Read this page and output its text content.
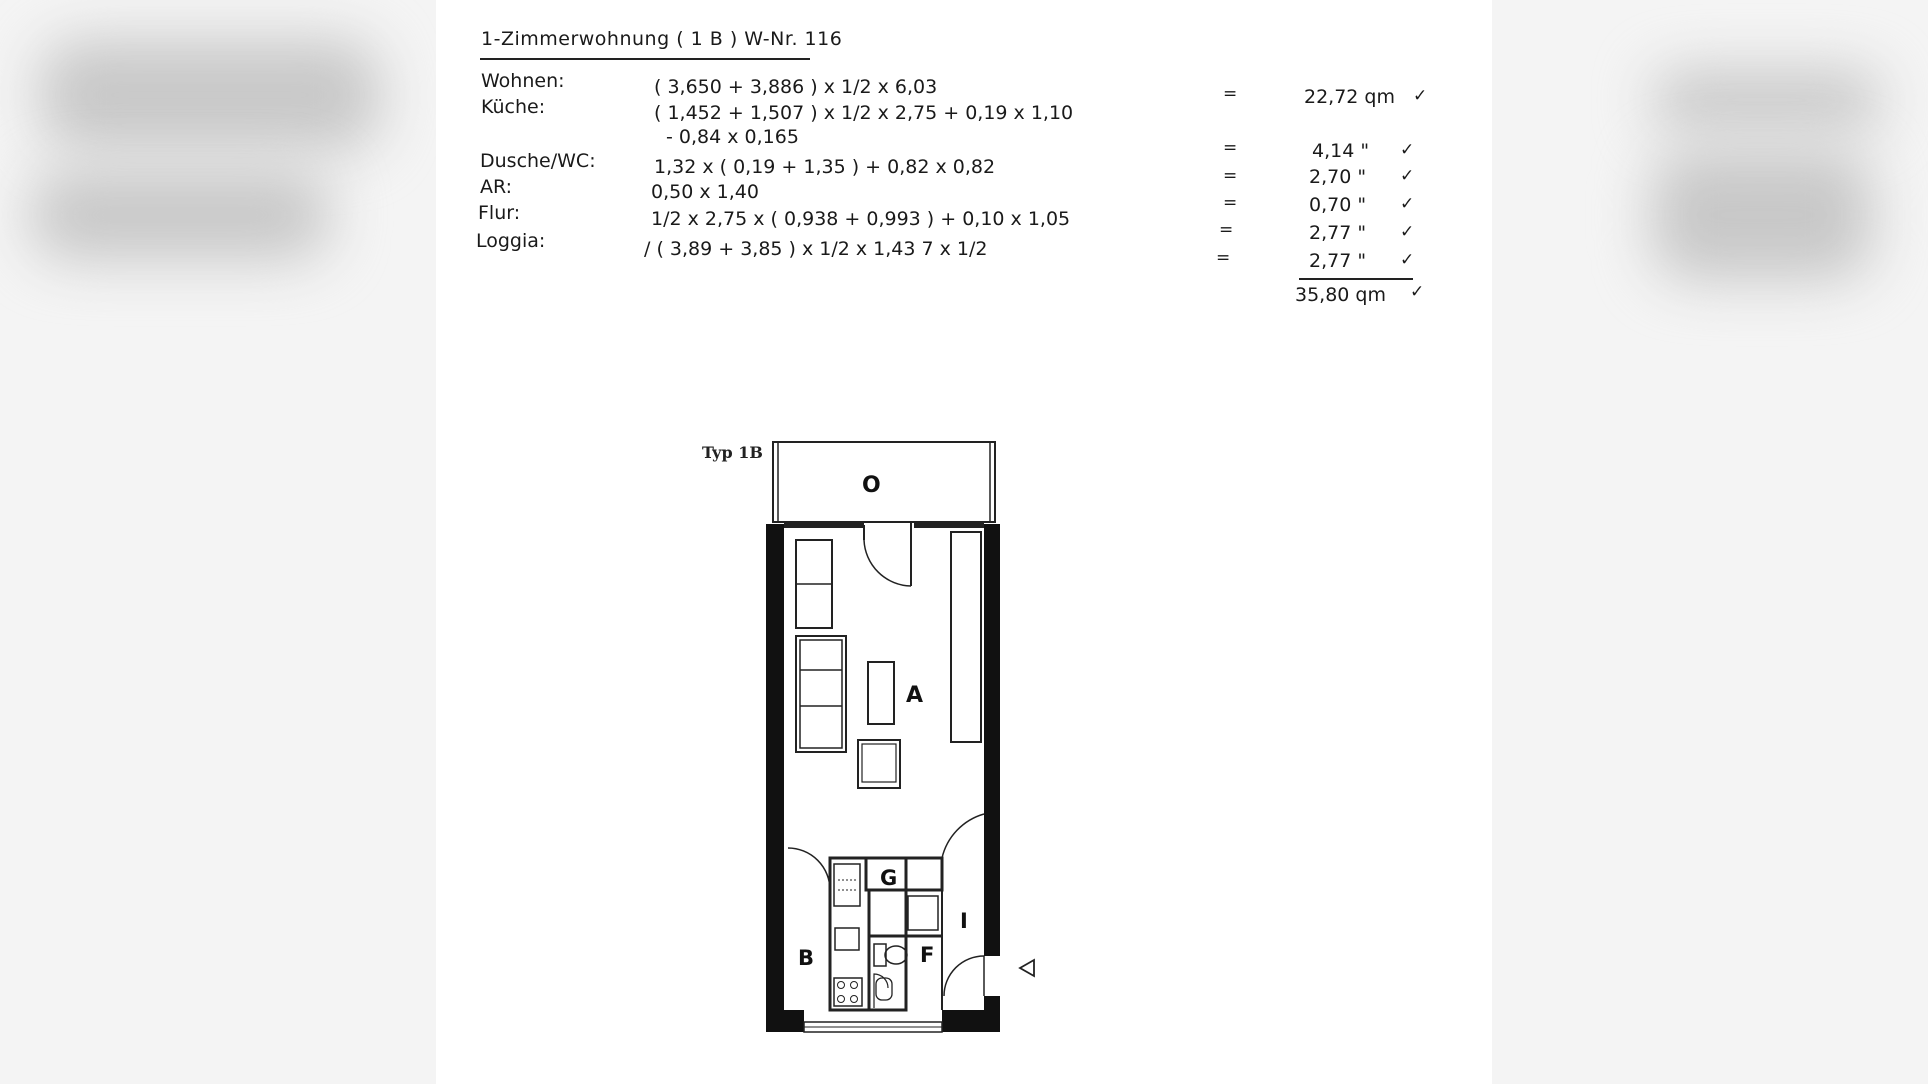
1-Zimmerwohnung ( 1 B ) W-Nr. 116
Wohnen:	( 3,650 + 3,886 ) x 1/2 x 6,03	=	22,72 qm ✓
Küche:	( 1,452 + 1,507 ) x 1/2 x 2,75 + 0,19 x 1,10
- 0,84 x 0,165	=	4,14 " ✓
Dusche/WC:	1,32 x ( 0,19 + 1,35 ) + 0,82 x 0,82	=	2,70 " ✓
AR:	0,50 x 1,40	=	0,70 " ✓
Flur:	1/2 x 2,75 x ( 0,938 + 0,993 ) + 0,10 x 1,05	=	2,77 " ✓
Loggia:	/ ( 3,89 + 3,85 ) x 1/2 x 1,43 7 x 1/2	=	2,77 " ✓
35,80 qm ✓
Typ 1B
O
A
G
F
B
I
